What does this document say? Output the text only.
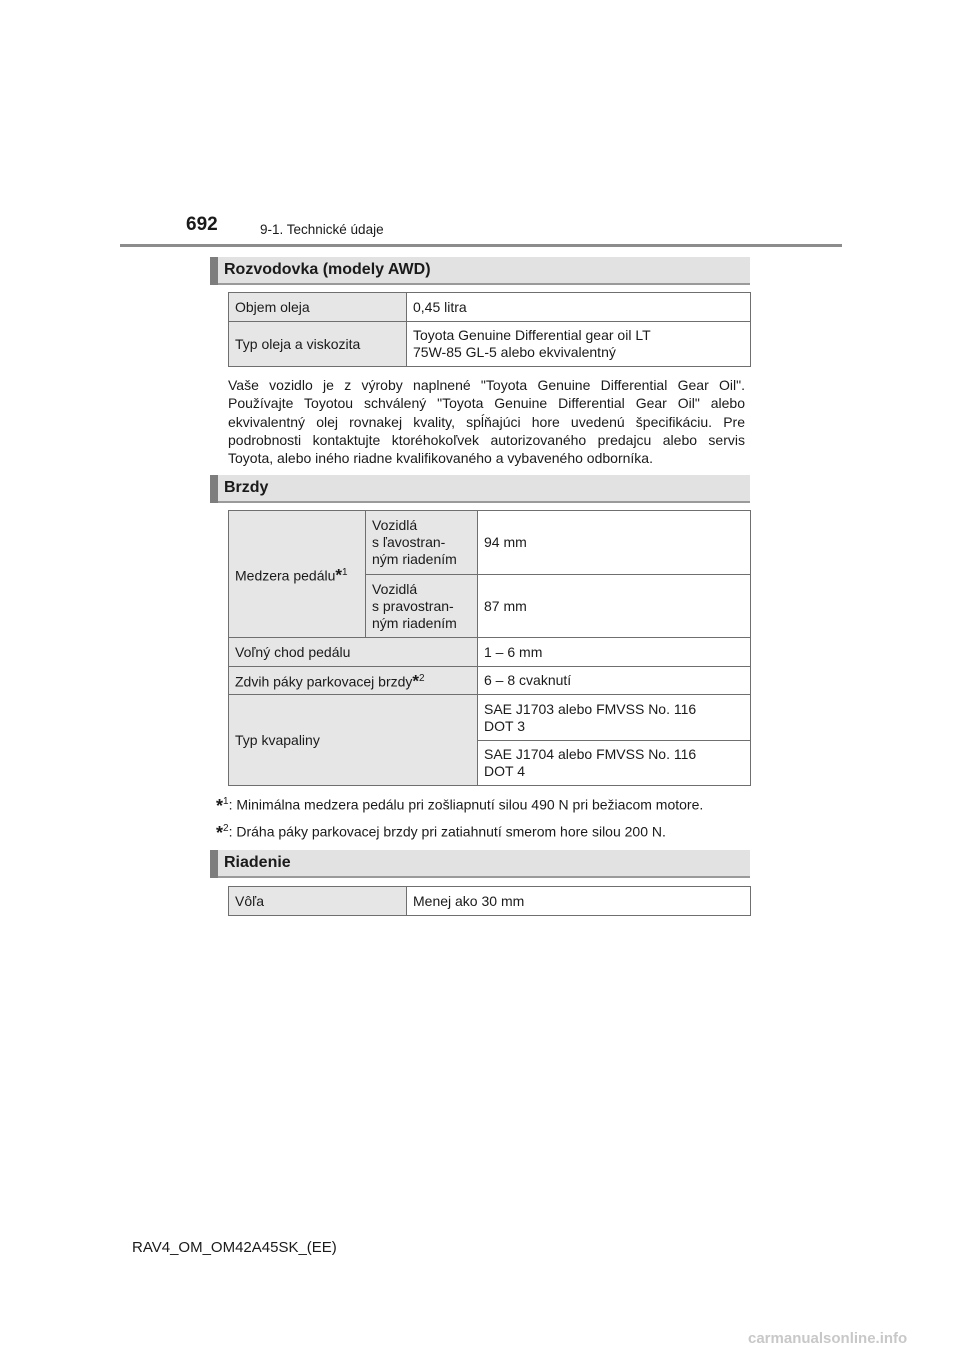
692	9-1. Technické údaje
Rozvodovka (modely AWD)
Objem oleja	0,45 litra
Typ oleja a viskozita	Toyota Genuine Differential gear oil LT
75W-85 GL-5 alebo ekvivalentný
Vaše vozidlo je z výroby naplnené "Toyota Genuine Differential Gear Oil". Používajte Toyotou schválený "Toyota Genuine Differential Gear Oil" alebo ekvivalentný olej rovnakej kvality, spĺňajúci hore uvedenú špecifikáciu. Pre podrobnosti kontaktujte ktoréhokoľvek autorizovaného predajcu alebo servis Toyota, alebo iného riadne kvalifikovaného a vybaveného odborníka.
Brzdy
Medzera pedálu*$^1$	Vozidlá
s ľavostran-
ným riadením	94 mm

	Vozidlá
s pravostran-
ným riadením	87 mm
Voľný chod pedálu		1 – 6 mm
Zdvih páky parkovacej brzdy*$^2$		6 – 8 cvaknutí
Typ kvapaliny		SAE J1703 alebo FMVSS No. 116
DOT 3

		SAE J1704 alebo FMVSS No. 116
DOT 4
*$^1$: Minimálna medzera pedálu pri zošliapnutí silou 490 N pri bežiacom motore.
*$^2$: Dráha páky parkovacej brzdy pri zatiahnutí smerom hore silou 200 N.
Riadenie
Vôľa	Menej ako 30 mm
RAV4_OM_OM42A45SK_(EE)
carmanualsonline.info
